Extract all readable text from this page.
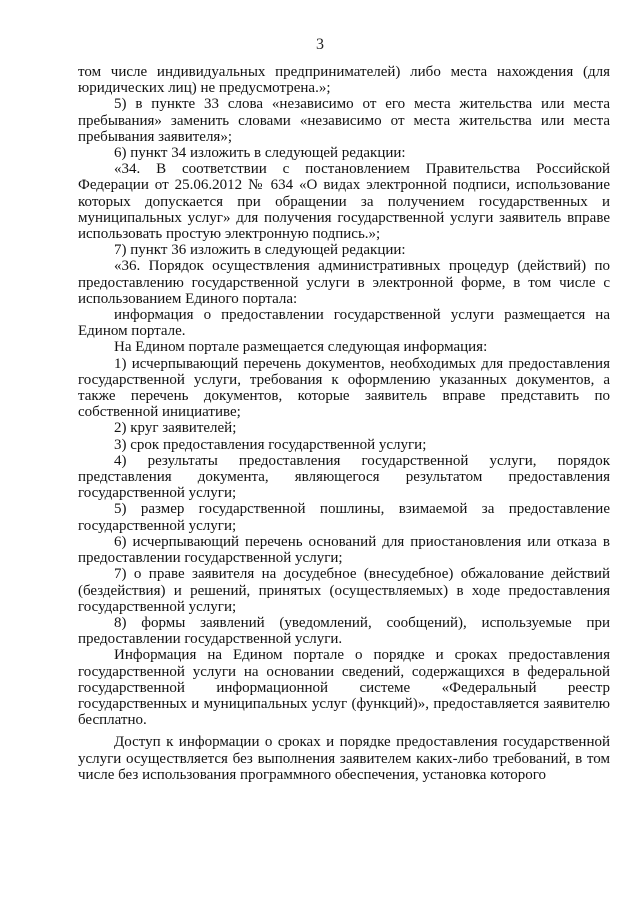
3

том числе индивидуальных предпринимателей) либо места нахождения (для юридических лиц) не предусмотрена.»;

5) в пункте 33 слова «независимо от его места жительства или места пребывания» заменить словами «независимо от места жительства или места пребывания заявителя»;

6) пункт 34 изложить в следующей редакции:

«34. В соответствии с постановлением Правительства Российской Федерации от 25.06.2012 № 634 «О видах электронной подписи, использование которых допускается при обращении за получением государственных и муниципальных услуг» для получения государственной услуги заявитель вправе использовать простую электронную подпись.»;

7) пункт 36 изложить в следующей редакции:

«36. Порядок осуществления административных процедур (действий) по предоставлению государственной услуги в электронной форме, в том числе с использованием Единого портала:

информация о предоставлении государственной услуги размещается на Едином портале.

На Едином портале размещается следующая информация:

1) исчерпывающий перечень документов, необходимых для предоставления государственной услуги, требования к оформлению указанных документов, а также перечень документов, которые заявитель вправе представить по собственной инициативе;

2) круг заявителей;

3) срок предоставления государственной услуги;

4) результаты предоставления государственной услуги, порядок представления документа, являющегося результатом предоставления государственной услуги;

5) размер государственной пошлины, взимаемой за предоставление государственной услуги;

6) исчерпывающий перечень оснований для приостановления или отказа в предоставлении государственной услуги;

7) о праве заявителя на досудебное (внесудебное) обжалование действий (бездействия) и решений, принятых (осуществляемых) в ходе предоставления государственной услуги;

8) формы заявлений (уведомлений, сообщений), используемые при предоставлении государственной услуги.

Информация на Едином портале о порядке и сроках предоставления государственной услуги на основании сведений, содержащихся в федеральной государственной информационной системе «Федеральный реестр государственных и муниципальных услуг (функций)», предоставляется заявителю бесплатно.

Доступ к информации о сроках и порядке предоставления государственной услуги осуществляется без выполнения заявителем каких-либо требований, в том числе без использования программного обеспечения, установка которого
